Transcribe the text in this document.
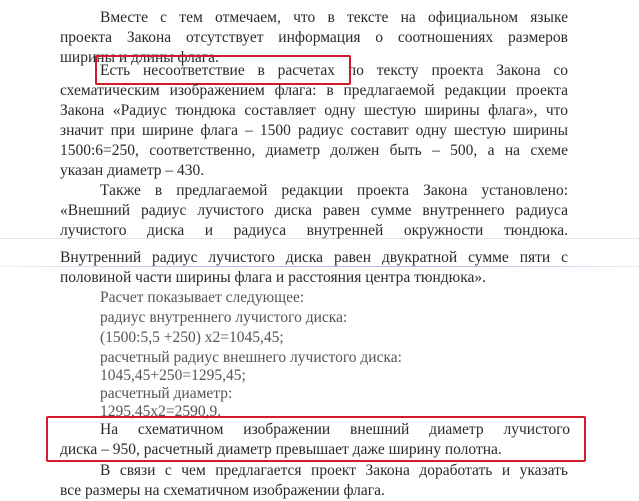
Вместе с тем отмечаем, что в тексте на официальном языке
проекта Закона отсутствует информация о соотношениях размеров
ширины и длины флага.
Есть несоответствие в расчетах по тексту проекта Закона со
схематическим изображением флага: в предлагаемой редакции проекта
Закона «Радиус тюндюка составляет одну шестую ширины флага», что
значит при ширине флага – 1500 радиус составит одну шестую ширины
1500:6=250, соответственно, диаметр должен быть – 500, а на схеме
указан диаметр – 430.
Также в предлагаемой редакции проекта Закона установлено:
«Внешний радиус лучистого диска равен сумме внутреннего радиуса
лучистого диска и радиуса внутренней окружности тюндюка.
Внутренний радиус лучистого диска равен двукратной сумме пяти с
половиной части ширины флага и расстояния центра тюндюка».
Расчет показывает следующее:
радиус внутреннего лучистого диска:
(1500:5,5 +250) x2=1045,45;
расчетный радиус внешнего лучистого диска:
1045,45+250=1295,45;
расчетный диаметр:
1295,45x2=2590,9.
На схематичном изображении внешний диаметр лучистого
диска – 950, расчетный диаметр превышает даже ширину полотна.
В связи с чем предлагается проект Закона доработать и указать
все размеры на схематичном изображении флага.
